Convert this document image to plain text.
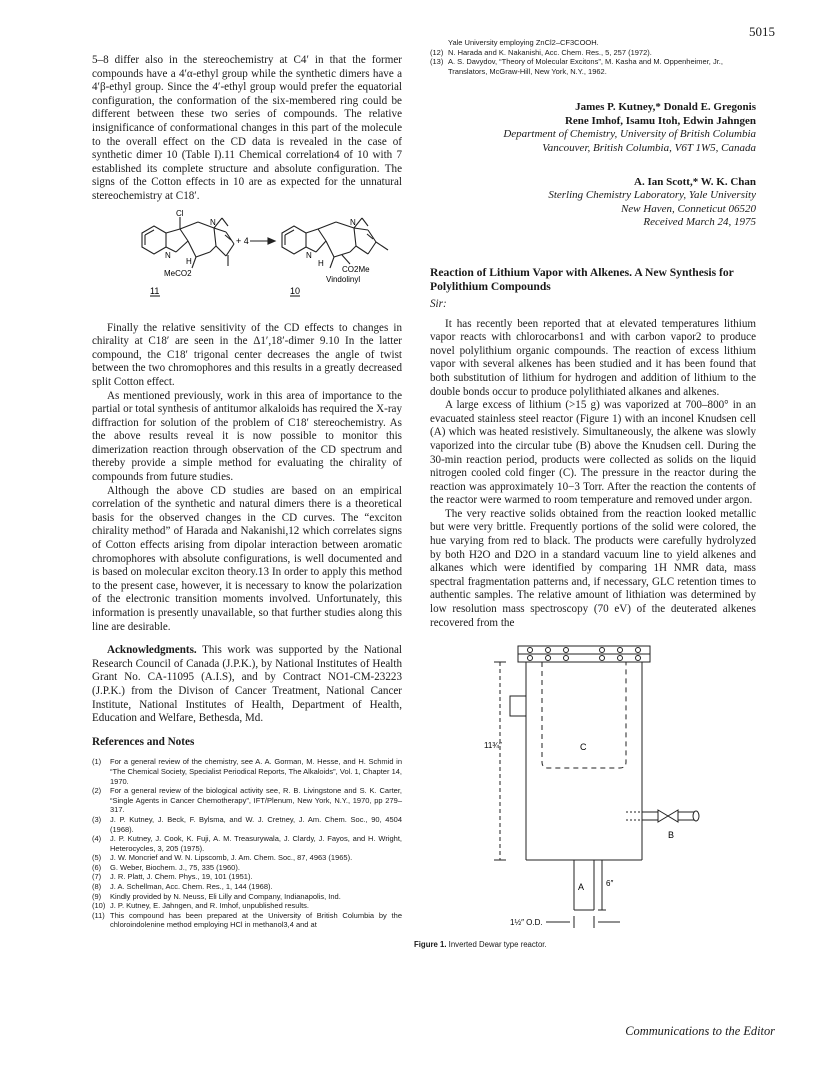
5015

5–8 differ also in the stereochemistry at C4′ in that the former compounds have a 4′α-ethyl group while the synthetic dimers have a 4′β-ethyl group. Since the 4′-ethyl group would prefer the equatorial configuration, the conformation of the six-membered ring could be different between these two series of compounds. The relative insignificance of conformational changes in this part of the molecule to the overall effect on the CD data is revealed in the case of synthetic dimer 10 (Table I).11 Chemical correlation4 of 10 with 7 established its complete structure and absolute configuration. The signs of the Cotton effects in 10 are as expected for the unnatural stereochemistry at C18′.

Cl
N
N
H
MeCO2
+ 4
N
N
H
CO2Me
Vindolinyl
11	10

Finally the relative sensitivity of the CD effects to changes in chirality at C18′ are seen in the Δ1′,18′-dimer 9.10 In the latter compound, the C18′ trigonal center decreases the angle of twist between the two chromophores and this results in a greatly decreased split Cotton effect.

As mentioned previously, work in this area of importance to the partial or total synthesis of antitumor alkaloids has required the X-ray diffraction for solution of the problem of C18′ stereochemistry. As the above results reveal it is now possible to monitor this dimerization reaction through observation of the CD spectrum and thereby provide a simple method for evaluating the chirality of compounds from future studies.

Although the above CD studies are based on an empirical correlation of the synthetic and natural dimers there is a theoretical basis for the observed changes in the CD curves. The “exciton chirality method” of Harada and Nakanishi,12 which correlates signs of Cotton effects arising from dipolar interaction between aromatic chromophores with absolute configurations, is well documented and is based on molecular exciton theory.13 In order to apply this method to the present case, however, it is necessary to know the polarization of the electronic transition moments involved. Unfortunately, this information is presently unavailable, so that further studies along this line are desirable.

Acknowledgments. This work was supported by the National Research Council of Canada (J.P.K.), by National Institutes of Health Grant No. CA-11095 (A.I.S), and by Contract NO1-CM-23223 (J.P.K.) from the Divison of Cancer Treatment, National Cancer Institute, National Institutes of Health, Department of Health, Education and Welfare, Bethesda, Md.

References and Notes

(1) For a general review of the chemistry, see A. A. Gorman, M. Hesse, and H. Schmid in “The Chemical Society, Specialist Periodical Reports, The Alkaloids”, Vol. 1, Chapter 14, 1970.

(2) For a general review of the biological activity see, R. B. Livingstone and S. K. Carter, “Single Agents in Cancer Chemotherapy”, IFT/Plenum, New York, N.Y., 1970, pp 279–317.

(3) J. P. Kutney, J. Beck, F. Bylsma, and W. J. Cretney, J. Am. Chem. Soc., 90, 4504 (1968).

(4) J. P. Kutney, J. Cook, K. Fuji, A. M. Treasurywala, J. Clardy, J. Fayos, and H. Wright, Heterocycles, 3, 205 (1975).

(5) J. W. Moncrief and W. N. Lipscomb, J. Am. Chem. Soc., 87, 4963 (1965).

(6) G. Weber, Biochem. J., 75, 335 (1960).

(7) J. R. Platt, J. Chem. Phys., 19, 101 (1951).

(8) J. A. Schellman, Acc. Chem. Res., 1, 144 (1968).

(9) Kindly provided by N. Neuss, Eli Lilly and Company, Indianapolis, Ind.

(10) J. P. Kutney, E. Jahngen, and R. Imhof, unpublished results.

(11) This compound has been prepared at the University of British Columbia by the chloroindolenine method employing HCl in methanol3,4 and at

Yale University employing ZnCl2–CF3COOH.

(12) N. Harada and K. Nakanishi, Acc. Chem. Res., 5, 257 (1972).

(13) A. S. Davydov, “Theory of Molecular Excitons”, M. Kasha and M. Oppenheimer, Jr., Translators, McGraw-Hill, New York, N.Y., 1962.

James P. Kutney,* Donald E. Gregonis
Rene Imhof, Isamu Itoh, Edwin Jahngen
Department of Chemistry, University of British Columbia
Vancouver, British Columbia, V6T 1W5, Canada
A. Ian Scott,* W. K. Chan
Sterling Chemistry Laboratory, Yale University
New Haven, Conneticut 06520
Received March 24, 1975
Reaction of Lithium Vapor with Alkenes. A New Synthesis for Polylithium Compounds

Sir:

It has recently been reported that at elevated temperatures lithium vapor reacts with chlorocarbons1 and with carbon vapor2 to produce novel polylithium organic compounds. The reaction of excess lithium vapor with several alkenes has been studied and it has been found that both substitution of lithium for hydrogen and addition of lithium to the double bonds occur to produce polylithiated alkanes and alkenes.

A large excess of lithium (>15 g) was vaporized at 700–800° in an evacuated stainless steel reactor (Figure 1) with an inconel Knudsen cell (A) which was heated resistively. Simultaneously, the alkene was slowly vaporized into the circular tube (B) above the Knudsen cell. During the 30-min reaction period, products were collected as solids on the liquid nitrogen cooled cold finger (C). The pressure in the reactor during the reaction was approximately 10−3 Torr. After the reaction the contents of the reactor were warmed to room temperature and removed under argon.

The very reactive solids obtained from the reaction looked metallic but were very brittle. Frequently portions of the solid were colored, the hue varying from red to black. The products were carefully hydrolyzed by both H2O and D2O in a standard vacuum line to yield alkenes and alkanes which were identified by comparing 1H NMR data, mass spectral fragmentation patterns and, if necessary, GLC retention times to authentic samples. The relative amount of lithiation was determined by low resolution mass spectroscopy (70 eV) of the deuterated alkenes recovered from the

C
B
A
11¾″
6″
1½″ O.D.
Figure 1. Inverted Dewar type reactor.
Communications to the Editor
